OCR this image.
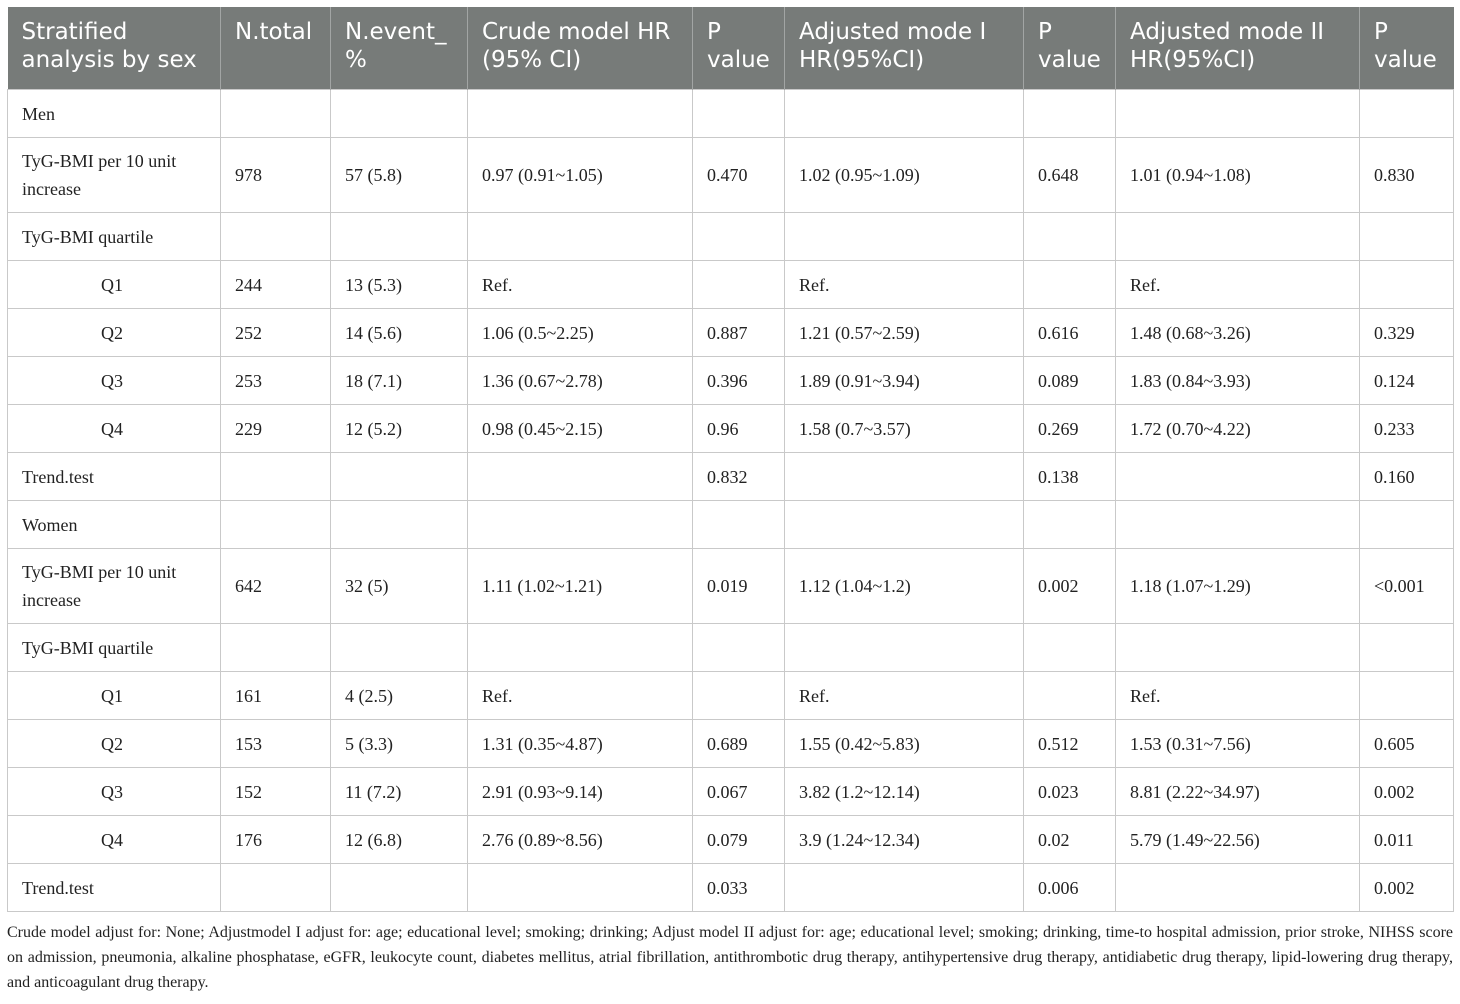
Stratified analysis by sex	N.total	N.event_ %	Crude model HR (95% CI)	P value	Adjusted mode I HR(95%CI)	P value	Adjusted mode II HR(95%CI)	P value
Men								
TyG-BMI per 10 unit increase	978	57 (5.8)	0.97 (0.91~1.05)	0.470	1.02 (0.95~1.09)	0.648	1.01 (0.94~1.08)	0.830
TyG-BMI quartile								
Q1	244	13 (5.3)	Ref.		Ref.		Ref.	
Q2	252	14 (5.6)	1.06 (0.5~2.25)	0.887	1.21 (0.57~2.59)	0.616	1.48 (0.68~3.26)	0.329
Q3	253	18 (7.1)	1.36 (0.67~2.78)	0.396	1.89 (0.91~3.94)	0.089	1.83 (0.84~3.93)	0.124
Q4	229	12 (5.2)	0.98 (0.45~2.15)	0.96	1.58 (0.7~3.57)	0.269	1.72 (0.70~4.22)	0.233
Trend.test				0.832		0.138		0.160
Women								
TyG-BMI per 10 unit increase	642	32 (5)	1.11 (1.02~1.21)	0.019	1.12 (1.04~1.2)	0.002	1.18 (1.07~1.29)	<0.001
TyG-BMI quartile								
Q1	161	4 (2.5)	Ref.		Ref.		Ref.	
Q2	153	5 (3.3)	1.31 (0.35~4.87)	0.689	1.55 (0.42~5.83)	0.512	1.53 (0.31~7.56)	0.605
Q3	152	11 (7.2)	2.91 (0.93~9.14)	0.067	3.82 (1.2~12.14)	0.023	8.81 (2.22~34.97)	0.002
Q4	176	12 (6.8)	2.76 (0.89~8.56)	0.079	3.9 (1.24~12.34)	0.02	5.79 (1.49~22.56)	0.011
Trend.test				0.033		0.006		0.002
Crude model adjust for: None; Adjustmodel I adjust for: age; educational level; smoking; drinking; Adjust model II adjust for: age; educational level; smoking; drinking, time-to hospital admission, prior stroke, NIHSS score on admission, pneumonia, alkaline phosphatase, eGFR, leukocyte count, diabetes mellitus, atrial fibrillation, antithrombotic drug therapy, antihypertensive drug therapy, antidiabetic drug therapy, lipid-lowering drug therapy, and anticoagulant drug therapy.
